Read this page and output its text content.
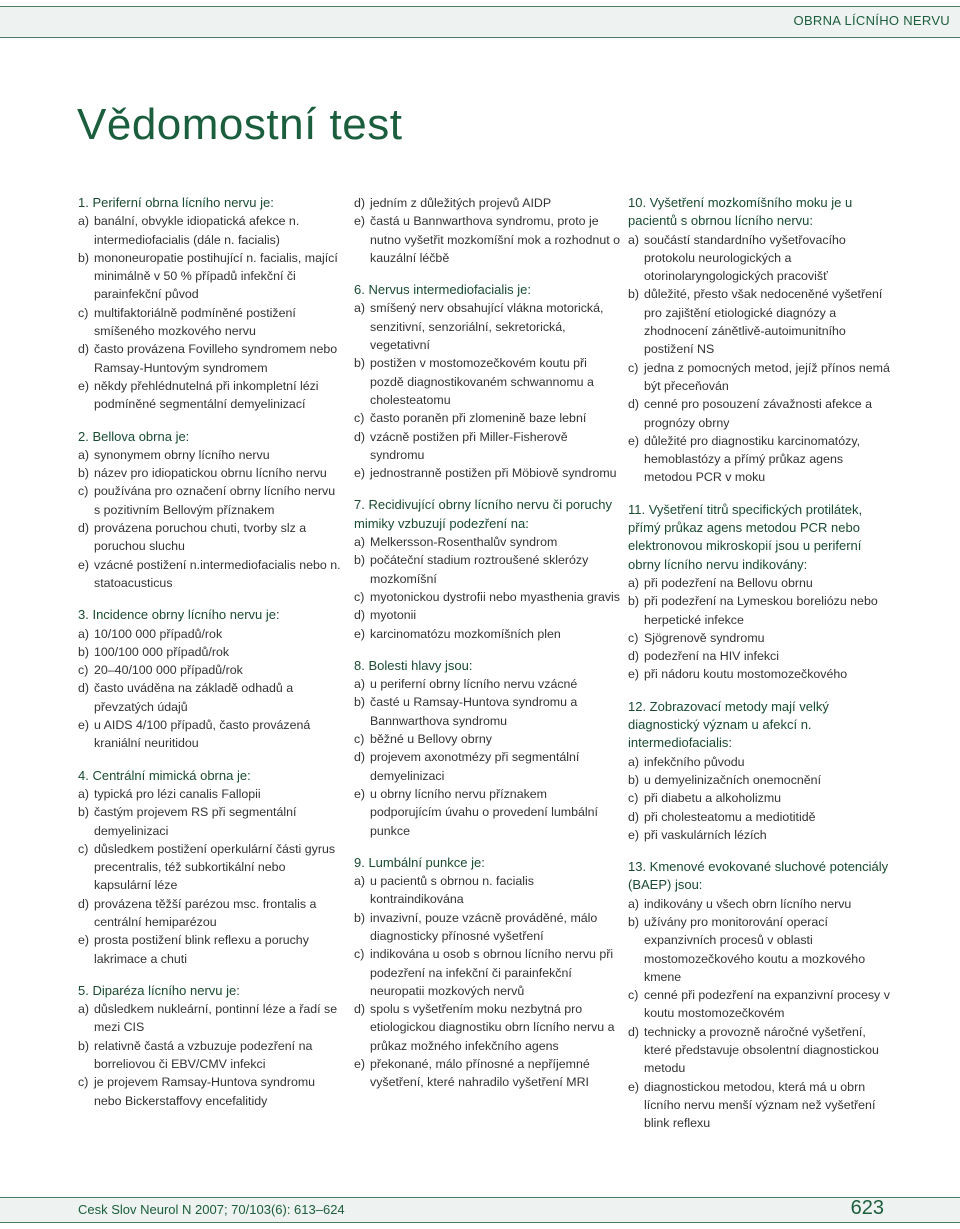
OBRNA LÍCNÍHO NERVU
Vědomostní test
1. Periferní obrna lícního nervu je:
a) banální, obvykle idiopatická afekce n. intermediofacialis (dále n. facialis)
b) mononeuropatie postihující n. facialis, mající minimálně v 50 % případů infekční či parainfekční původ
c) multifaktoriálně podmíněné postižení smíšeného mozkového nervu
d) často provázena Fovilleho syndromem nebo Ramsay-Huntovým syndromem
e) někdy přehlédnutelná při inkompletní lézi podmíněné segmentální demyelinizací
2. Bellova obrna je:
a) synonymem obrny lícního nervu
b) název pro idiopatickou obrnu lícního nervu
c) používána pro označení obrny lícního nervu s pozitivním Bellovým příznakem
d) provázena poruchou chuti, tvorby slz a poruchou sluchu
e) vzácné postižení n.intermediofacialis nebo n. statoacusticus
3. Incidence obrny lícního nervu je:
a) 10/100 000 případů/rok
b) 100/100 000 případů/rok
c) 20–40/100 000 případů/rok
d) často uváděna na základě odhadů a převzatých údajů
e) u AIDS 4/100 případů, často provázená kraniální neuritidou
4. Centrální mimická obrna je:
a) typická pro lézi canalis Fallopii
b) častým projevem RS při segmentální demyelinizaci
c) důsledkem postižení operkulární části gyrus precentralis, též subkortikální nebo kapsulární léze
d) provázena těžší parézou msc. frontalis a centrální hemiparézou
e) prosta postižení blink reflexu a poruchy lakrimace a chuti
5. Diparéza lícního nervu je:
a) důsledkem nukleární, pontinní léze a řadí se mezi CIS
b) relativně častá a vzbuzuje podezření na borreliovou či EBV/CMV infekci
c) je projevem Ramsay-Huntova syndromu nebo Bickerstaffovy encefalitidy
d) jedním z důležitých projevů AIDP
e) častá u Bannwarthova syndromu, proto je nutno vyšetřit mozkomíšní mok a rozhodnut o kauzální léčbě
6. Nervus intermediofacialis je:
a) smíšený nerv obsahující vlákna motorická, senzitivní, senzoriální, sekretorická, vegetativní
b) postižen v mostomozečkovém koutu při pozdě diagnostikovaném schwannomu a cholesteatomu
c) často poraněn při zlomenině baze lební
d) vzácně postižen při Miller-Fisherově syndromu
e) jednostranně postižen při Möbiově syndromu
7. Recidivující obrny lícního nervu či poruchy mimiky vzbuzují podezření na:
a) Melkersson-Rosenthalův syndrom
b) počáteční stadium roztroušené sklerózy mozkomíšní
c) myotonickou dystrofii nebo myasthenia gravis
d) myotonii
e) karcinomatózu mozkomíšních plen
8. Bolesti hlavy jsou:
a) u periferní obrny lícního nervu vzácné
b) časté u Ramsay-Huntova syndromu a Bannwarthova syndromu
c) běžné u Bellovy obrny
d) projevem axonotmézy při segmentální demyelinizaci
e) u obrny lícního nervu příznakem podporujícím úvahu o provedení lumbální punkce
9. Lumbální punkce je:
a) u pacientů s obrnou n. facialis kontraindikována
b) invazivní, pouze vzácně prováděné, málo diagnosticky přínosné vyšetření
c) indikována u osob s obrnou lícního nervu při podezření na infekční či parainfekční neuropatii mozkových nervů
d) spolu s vyšetřením moku nezbytná pro etiologickou diagnostiku obrn lícního nervu a průkaz možného infekčního agens
e) překonané, málo přínosné a nepříjemné vyšetření, které nahradilo vyšetření MRI
10. Vyšetření mozkomíšního moku je u pacientů s obrnou lícního nervu:
a) součástí standardního vyšetřovacího protokolu neurologických a otorinolaryngologických pracovišť
b) důležité, přesto však nedoceněné vyšetření pro zajištění etiologické diagnózy a zhodnocení zánětlivě-autoimunitního postižení NS
c) jedna z pomocných metod, jejíž přínos nemá být přeceňován
d) cenné pro posouzení závažnosti afekce a prognózy obrny
e) důležité pro diagnostiku karcinomatózy, hemoblastózy a přímý průkaz agens metodou PCR v moku
11. Vyšetření titrů specifických protilátek, přímý průkaz agens metodou PCR nebo elektronovou mikroskopií jsou u periferní obrny lícního nervu indikovány:
a) při podezření na Bellovu obrnu
b) při podezření na Lymeskou boreliózu nebo herpetické infekce
c) Sjögrenově syndromu
d) podezření na HIV infekci
e) při nádoru koutu mostomozečkového
12. Zobrazovací metody mají velký diagnostický význam u afekcí n. intermediofacialis:
a) infekčního původu
b) u demyelinizačních onemocnění
c) při diabetu a alkoholizmu
d) při cholesteatomu a mediotitidě
e) při vaskulárních lézích
13. Kmenové evokované sluchové potenciály (BAEP) jsou:
a) indikovány u všech obrn lícního nervu
b) užívány pro monitorování operací expanzivních procesů v oblasti mostomozečkového koutu a mozkového kmene
c) cenné při podezření na expanzivní procesy v koutu mostomozečkovém
d) technicky a provozně náročné vyšetření, které představuje obsolentní diagnostickou metodu
e) diagnostickou metodou, která má u obrn lícního nervu menší význam než vyšetření blink reflexu
Cesk Slov Neurol N 2007; 70/103(6): 613–624	623
